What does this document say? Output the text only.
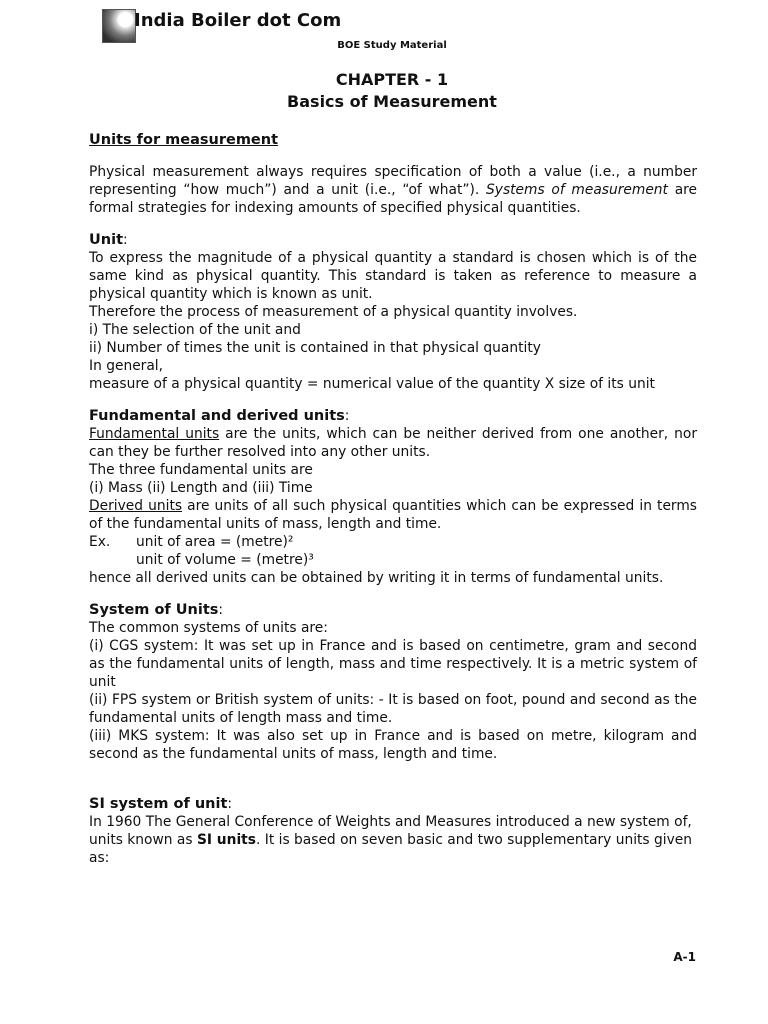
India Boiler dot Com
BOE Study Material
CHAPTER - 1
Basics of Measurement

Units for measurement

Physical measurement always requires specification of both a value (i.e., a number representing “how much”) and a unit (i.e., “of what”). Systems of measurement are formal strategies for indexing amounts of specified physical quantities.

Unit:

To express the magnitude of a physical quantity a standard is chosen which is of the same kind as physical quantity. This standard is taken as reference to measure a physical quantity which is known as unit.

Therefore the process of measurement of a physical quantity involves.

i) The selection of the unit and

ii) Number of times the unit is contained in that physical quantity

In general,

measure of a physical quantity = numerical value of the quantity X size of its unit

Fundamental and derived units:

Fundamental units are the units, which can be neither derived from one another, nor can they be further resolved into any other units.

The three fundamental units are

(i) Mass (ii) Length and (iii) Time

Derived units are units of all such physical quantities which can be expressed in terms of the fundamental units of mass, length and time.

Ex. unit of area = (metre)²

unit of volume = (metre)³

hence all derived units can be obtained by writing it in terms of fundamental units.

System of Units:

The common systems of units are:

(i) CGS system: It was set up in France and is based on centimetre, gram and second as the fundamental units of length, mass and time respectively. It is a metric system of unit

(ii) FPS system or British system of units: - It is based on foot, pound and second as the fundamental units of length mass and time.

(iii) MKS system: It was also set up in France and is based on metre, kilogram and second as the fundamental units of mass, length and time.

SI system of unit:

In 1960 The General Conference of Weights and Measures introduced a new system of, units known as SI units. It is based on seven basic and two supplementary units given as:

A-1
